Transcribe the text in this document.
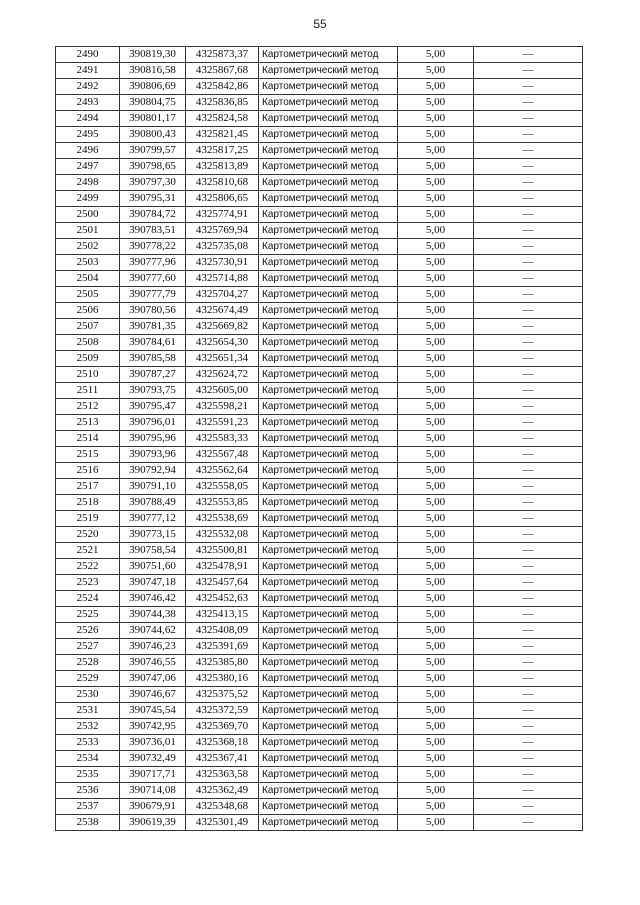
55
2490	390819,30	4325873,37	Картометрический метод	5,00	—
2491	390816,58	4325867,68	Картометрический метод	5,00	—
2492	390806,69	4325842,86	Картометрический метод	5,00	—
2493	390804,75	4325836,85	Картометрический метод	5,00	—
2494	390801,17	4325824,58	Картометрический метод	5,00	—
2495	390800,43	4325821,45	Картометрический метод	5,00	—
2496	390799,57	4325817,25	Картометрический метод	5,00	—
2497	390798,65	4325813,89	Картометрический метод	5,00	—
2498	390797,30	4325810,68	Картометрический метод	5,00	—
2499	390795,31	4325806,65	Картометрический метод	5,00	—
2500	390784,72	4325774,91	Картометрический метод	5,00	—
2501	390783,51	4325769,94	Картометрический метод	5,00	—
2502	390778,22	4325735,08	Картометрический метод	5,00	—
2503	390777,96	4325730,91	Картометрический метод	5,00	—
2504	390777,60	4325714,88	Картометрический метод	5,00	—
2505	390777,79	4325704,27	Картометрический метод	5,00	—
2506	390780,56	4325674,49	Картометрический метод	5,00	—
2507	390781,35	4325669,82	Картометрический метод	5,00	—
2508	390784,61	4325654,30	Картометрический метод	5,00	—
2509	390785,58	4325651,34	Картометрический метод	5,00	—
2510	390787,27	4325624,72	Картометрический метод	5,00	—
2511	390793,75	4325605,00	Картометрический метод	5,00	—
2512	390795,47	4325598,21	Картометрический метод	5,00	—
2513	390796,01	4325591,23	Картометрический метод	5,00	—
2514	390795,96	4325583,33	Картометрический метод	5,00	—
2515	390793,96	4325567,48	Картометрический метод	5,00	—
2516	390792,94	4325562,64	Картометрический метод	5,00	—
2517	390791,10	4325558,05	Картометрический метод	5,00	—
2518	390788,49	4325553,85	Картометрический метод	5,00	—
2519	390777,12	4325538,69	Картометрический метод	5,00	—
2520	390773,15	4325532,08	Картометрический метод	5,00	—
2521	390758,54	4325500,81	Картометрический метод	5,00	—
2522	390751,60	4325478,91	Картометрический метод	5,00	—
2523	390747,18	4325457,64	Картометрический метод	5,00	—
2524	390746,42	4325452,63	Картометрический метод	5,00	—
2525	390744,38	4325413,15	Картометрический метод	5,00	—
2526	390744,62	4325408,09	Картометрический метод	5,00	—
2527	390746,23	4325391,69	Картометрический метод	5,00	—
2528	390746,55	4325385,80	Картометрический метод	5,00	—
2529	390747,06	4325380,16	Картометрический метод	5,00	—
2530	390746,67	4325375,52	Картометрический метод	5,00	—
2531	390745,54	4325372,59	Картометрический метод	5,00	—
2532	390742,95	4325369,70	Картометрический метод	5,00	—
2533	390736,01	4325368,18	Картометрический метод	5,00	—
2534	390732,49	4325367,41	Картометрический метод	5,00	—
2535	390717,71	4325363,58	Картометрический метод	5,00	—
2536	390714,08	4325362,49	Картометрический метод	5,00	—
2537	390679,91	4325348,68	Картометрический метод	5,00	—
2538	390619,39	4325301,49	Картометрический метод	5,00	—
